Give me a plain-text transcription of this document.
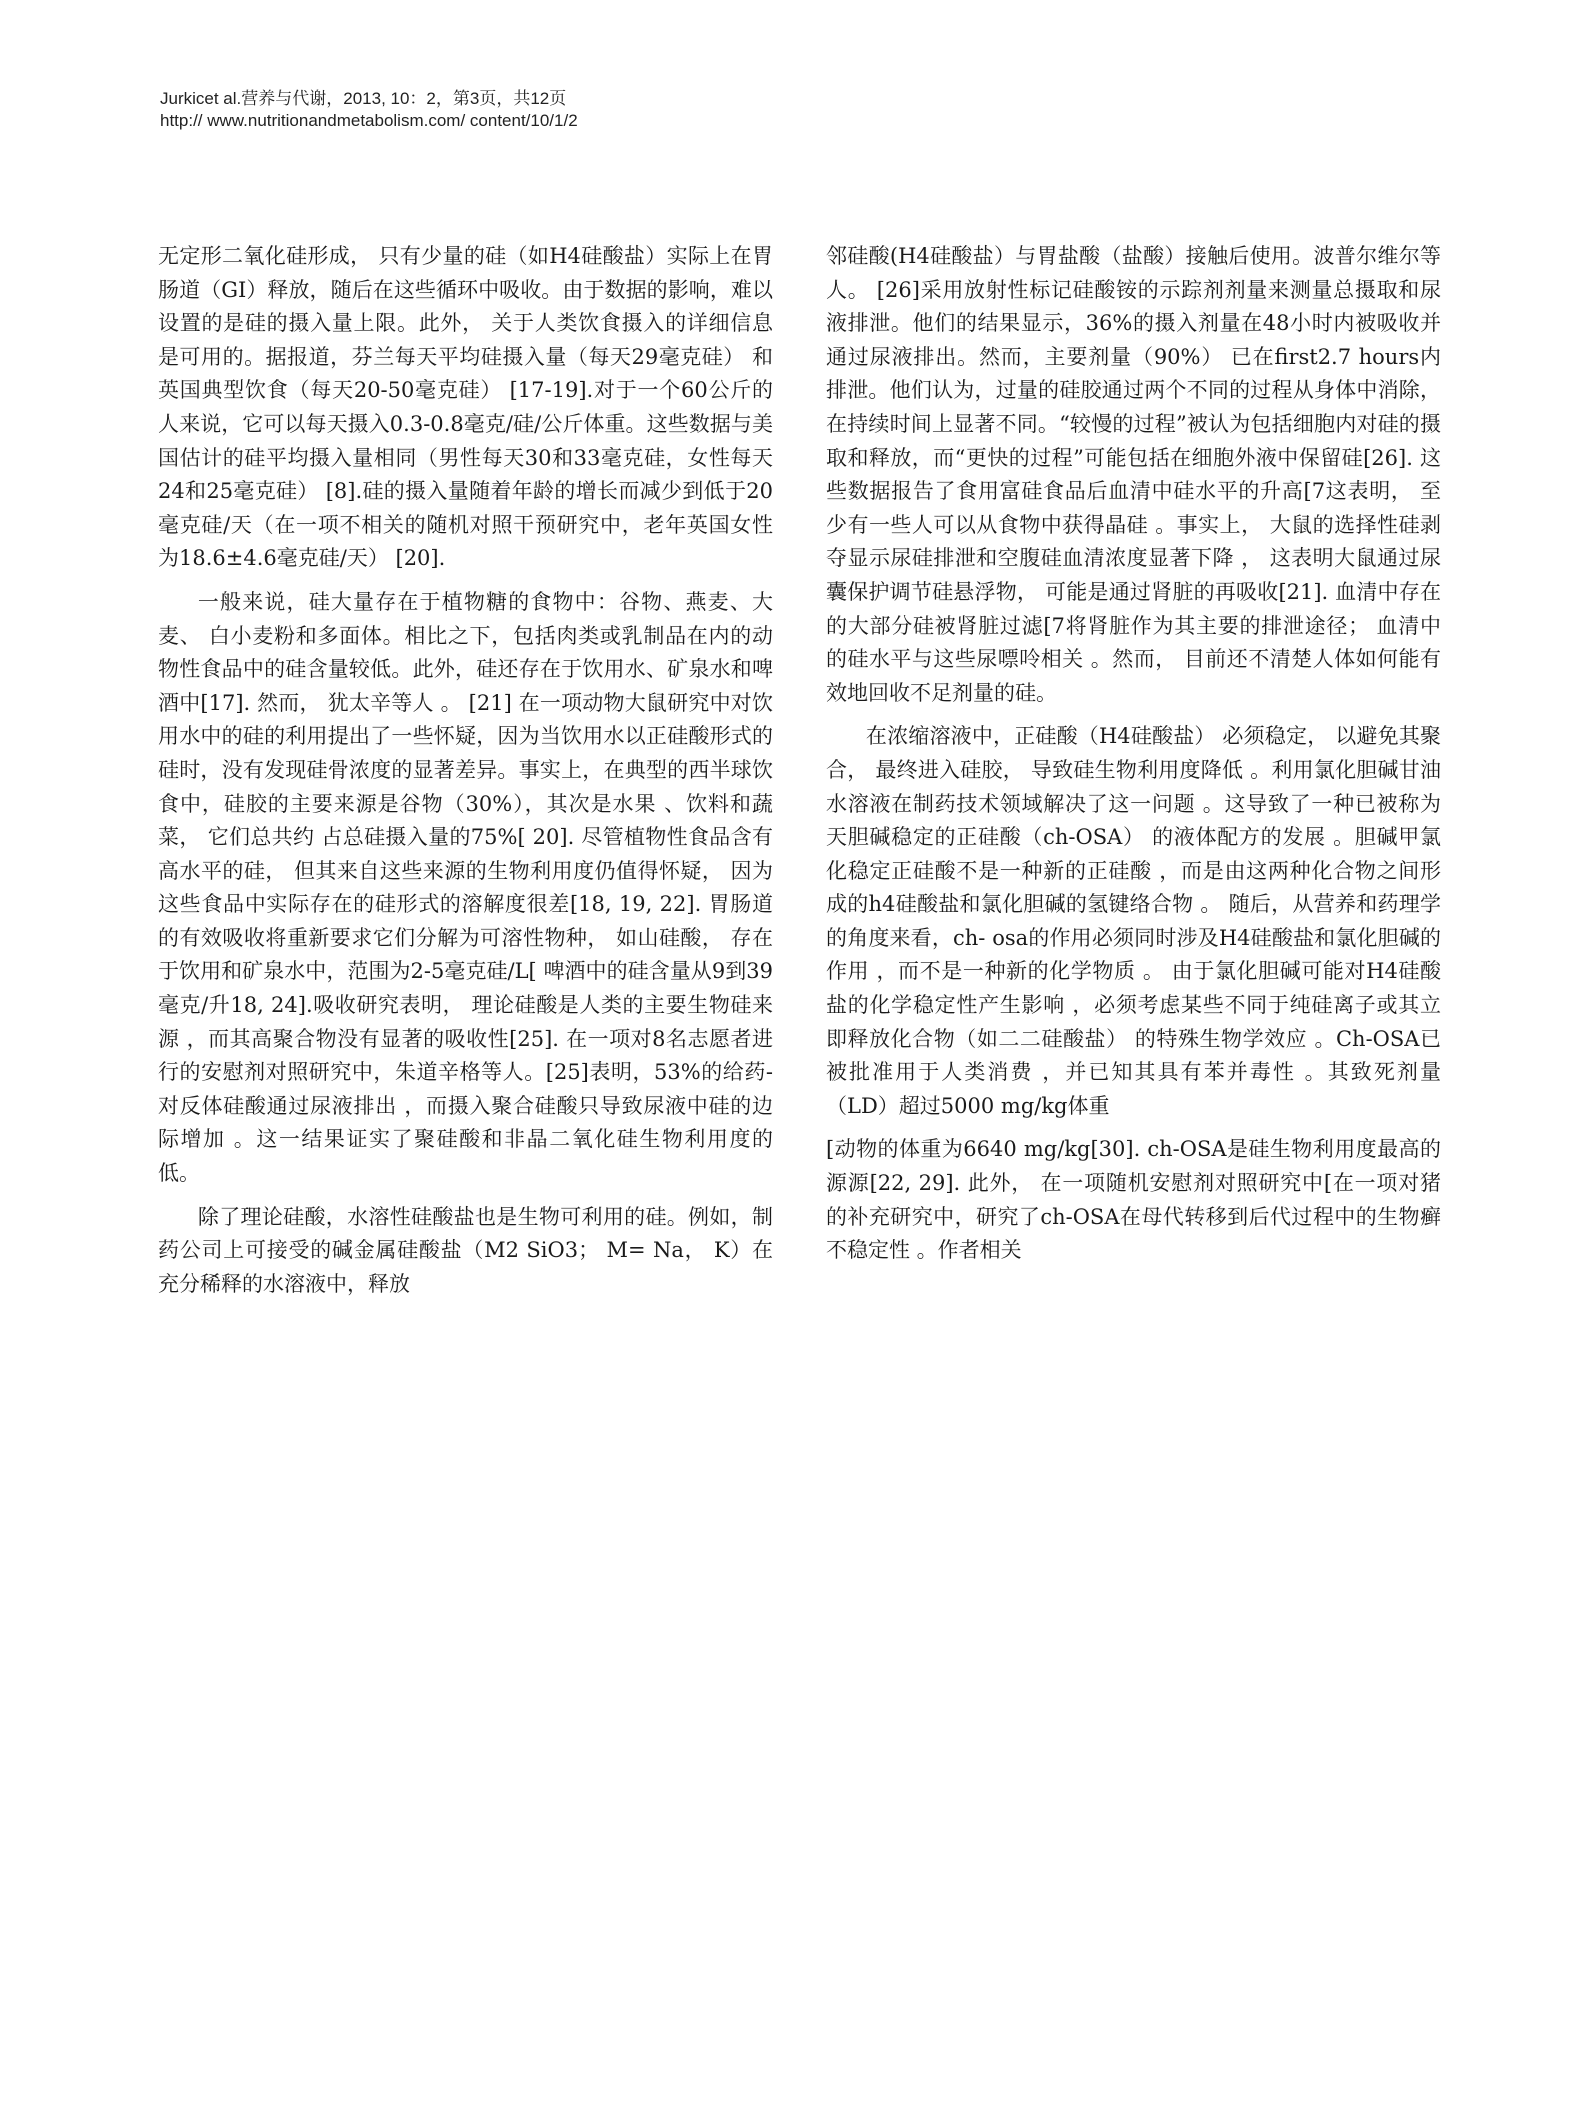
Jurkicet al.营养与代谢，2013, 10：2，第3页，共12页
http:// www.nutritionandmetabolism.com/ content/10/1/2

无定形二氧化硅形成， 只有少量的硅（如H4硅酸盐）实际上在胃肠道（GI）释放，随后在这些循环中吸收。由于数据的影响，难以设置的是硅的摄入量上限。此外， 关于人类饮食摄入的详细信息是可用的。据报道，芬兰每天平均硅摄入量（每天29毫克硅） 和英国典型饮食（每天20-50毫克硅） [17-19].对于一个60公斤的人来说，它可以每天摄入0.3-0.8毫克/硅/公斤体重。这些数据与美国估计的硅平均摄入量相同（男性每天30和33毫克硅，女性每天24和25毫克硅） [8].硅的摄入量随着年龄的增长而减少到低于20毫克硅/天（在一项不相关的随机对照干预研究中，老年英国女性为18.6±4.6毫克硅/天） [20].

一般来说，硅大量存在于植物糖的食物中：谷物、燕麦、大麦、 白小麦粉和多面体。相比之下，包括肉类或乳制品在内的动物性食品中的硅含量较低。此外，硅还存在于饮用水、矿泉水和啤酒中[17]. 然而， 犹太辛等人 。 [21] 在一项动物大鼠研究中对饮用水中的硅的利用提出了一些怀疑，因为当饮用水以正硅酸形式的硅时，没有发现硅骨浓度的显著差异。事实上，在典型的西半球饮食中，硅胶的主要来源是谷物（30%），其次是水果 、饮料和蔬菜， 它们总共约 占总硅摄入量的75%[ 20]. 尽管植物性食品含有高水平的硅， 但其来自这些来源的生物利用度仍值得怀疑， 因为这些食品中实际存在的硅形式的溶解度很差[18, 19, 22]. 胃肠道的有效吸收将重新要求它们分解为可溶性物种， 如山硅酸， 存在于饮用和矿泉水中，范围为2-5毫克硅/L[ 啤酒中的硅含量从9到39毫克/升18, 24].吸收研究表明， 理论硅酸是人类的主要生物硅来源 ，而其高聚合物没有显著的吸收性[25]. 在一项对8名志愿者进行的安慰剂对照研究中，朱道辛格等人。[25]表明，53%的给药-对反体硅酸通过尿液排出 ，而摄入聚合硅酸只导致尿液中硅的边际增加 。这一结果证实了聚硅酸和非晶二氧化硅生物利用度的低。

除了理论硅酸，水溶性硅酸盐也是生物可利用的硅。例如，制药公司上可接受的碱金属硅酸盐（M2 SiO3； M= Na， K）在充分稀释的水溶液中，释放

邻硅酸(H4硅酸盐）与胃盐酸（盐酸）接触后使用。波普尔维尔等人。 [26]采用放射性标记硅酸铵的示踪剂剂量来测量总摄取和尿液排泄。他们的结果显示，36%的摄入剂量在48小时内被吸收并通过尿液排出。然而，主要剂量（90%） 已在first2.7 hours内排泄。他们认为，过量的硅胶通过两个不同的过程从身体中消除，在持续时间上显著不同。“较慢的过程”被认为包括细胞内对硅的摄取和释放，而“更快的过程”可能包括在细胞外液中保留硅[26]. 这些数据报告了食用富硅食品后血清中硅水平的升高[7这表明， 至少有一些人可以从食物中获得晶硅 。事实上， 大鼠的选择性硅剥夺显示尿硅排泄和空腹硅血清浓度显著下降 ， 这表明大鼠通过尿囊保护调节硅悬浮物， 可能是通过肾脏的再吸收[21]. 血清中存在的大部分硅被肾脏过滤[7将肾脏作为其主要的排泄途径； 血清中的硅水平与这些尿嘌呤相关 。然而， 目前还不清楚人体如何能有效地回收不足剂量的硅。

在浓缩溶液中，正硅酸（H4硅酸盐） 必须稳定， 以避免其聚合， 最终进入硅胶， 导致硅生物利用度降低 。利用氯化胆碱甘油水溶液在制药技术领域解决了这一问题 。这导致了一种已被称为天胆碱稳定的正硅酸（ch-OSA） 的液体配方的发展 。胆碱甲氯化稳定正硅酸不是一种新的正硅酸 ，而是由这两种化合物之间形成的h4硅酸盐和氯化胆碱的氢键络合物 。 随后，从营养和药理学的角度来看，ch- osa的作用必须同时涉及H4硅酸盐和氯化胆碱的作用 ，而不是一种新的化学物质 。 由于氯化胆碱可能对H4硅酸盐的化学稳定性产生影响 ，必须考虑某些不同于纯硅离子或其立即释放化合物（如二二硅酸盐） 的特殊生物学效应 。Ch-OSA已被批准用于人类消费 ，并已知其具有苯并毒性 。其致死剂量（LD）超过5000 mg/kg体重

[动物的体重为6640 mg/kg[30]. ch-OSA是硅生物利用度最高的源源[22, 29]. 此外， 在一项随机安慰剂对照研究中[在一项对猪的补充研究中，研究了ch-OSA在母代转移到后代过程中的生物癣不稳定性 。作者相关
